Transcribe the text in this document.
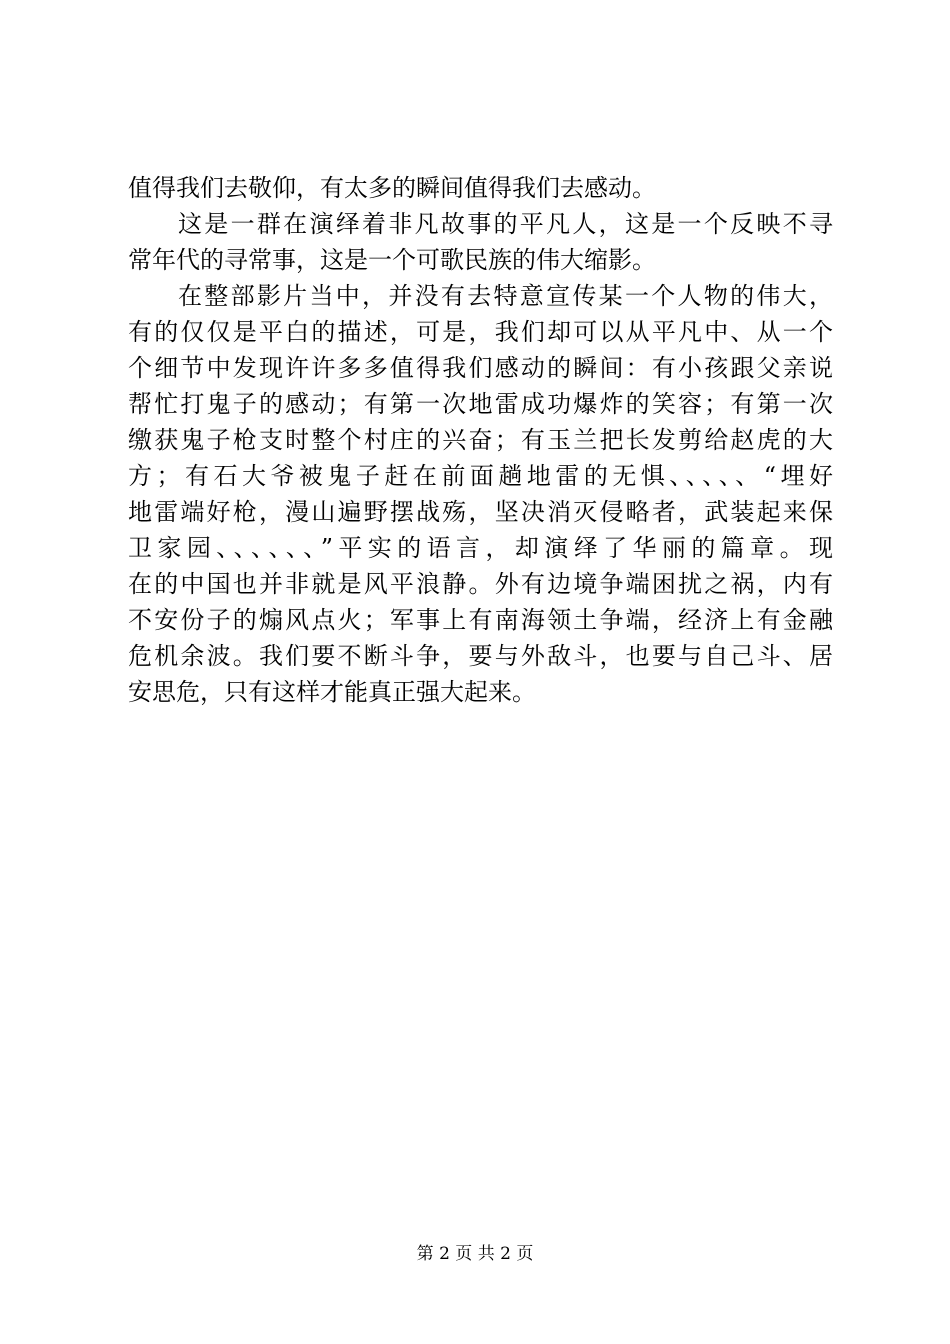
值得我们去敬仰，有太多的瞬间值得我们去感动。
这是一群在演绎着非凡故事的平凡人，这是一个反映不寻
常年代的寻常事，这是一个可歌民族的伟大缩影。
在整部影片当中，并没有去特意宣传某一个人物的伟大，
有的仅仅是平白的描述，可是，我们却可以从平凡中、从一个
个细节中发现许许多多值得我们感动的瞬间：有小孩跟父亲说
帮忙打鬼子的感动；有第一次地雷成功爆炸的笑容；有第一次
缴获鬼子枪支时整个村庄的兴奋；有玉兰把长发剪给赵虎的大
方；有石大爷被鬼子赶在前面趟地雷的无惧、、、、、“埋好
地雷端好枪，漫山遍野摆战殇，坚决消灭侵略者，武装起来保
卫家园、、、、、、”平实的语言，却演绎了华丽的篇章。现
在的中国也并非就是风平浪静。外有边境争端困扰之祸，内有
不安份子的煽风点火；军事上有南海领土争端，经济上有金融
危机余波。我们要不断斗争，要与外敌斗，也要与自己斗、居
安思危，只有这样才能真正强大起来。
第 2 页 共 2 页
